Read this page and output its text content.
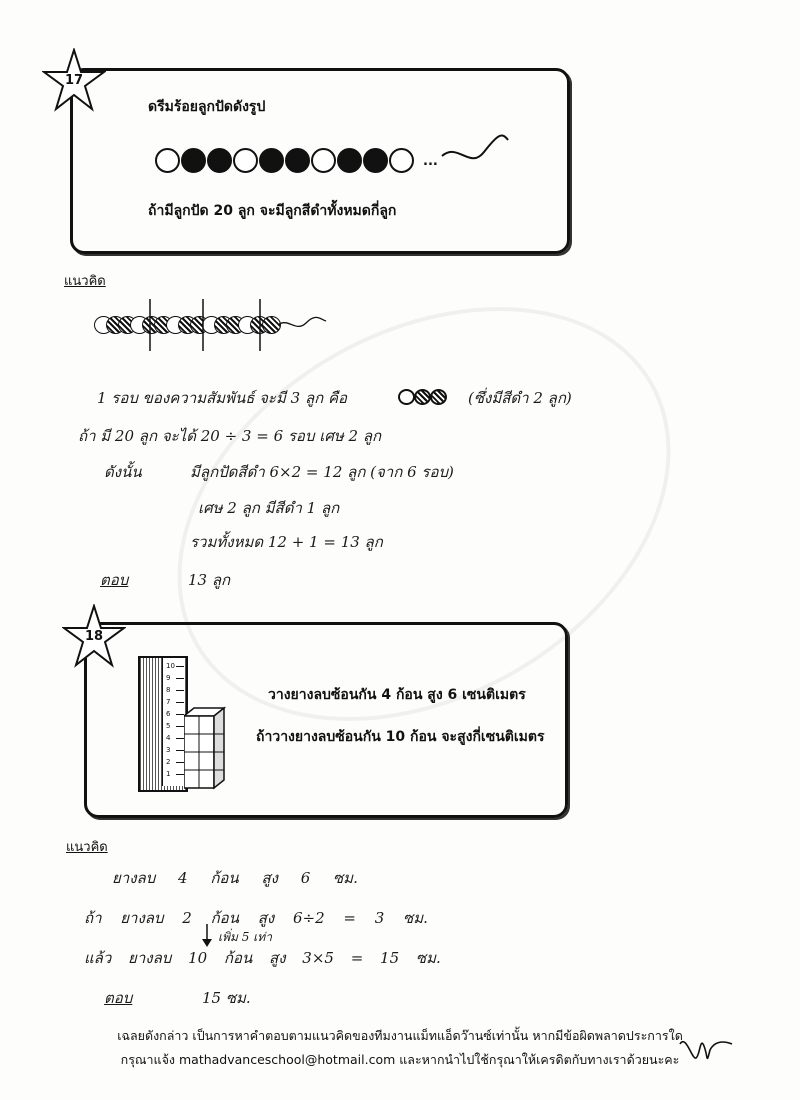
17
ดรีมร้อยลูกปัดดังรูป
...
ถ้ามีลูกปัด 20 ลูก จะมีลูกสีดำทั้งหมดกี่ลูก
แนวคิด
1 รอบ ของความสัมพันธ์ จะมี 3 ลูก คือ	(ซึ่งมีสีดำ 2 ลูก)
ถ้า มี 20 ลูก จะได้ 20 ÷ 3 = 6 รอบ เศษ 2 ลูก
ดังนั้น	มีลูกปัดสีดำ 6×2 = 12 ลูก (จาก 6 รอบ)
เศษ 2 ลูก มีสีดำ 1 ลูก
รวมทั้งหมด 12 + 1 = 13 ลูก
ตอบ	13 ลูก
18
10
9
8
7
6
5
4
3
2
1
วางยางลบซ้อนกัน 4 ก้อน สูง 6 เซนติเมตร
ถ้าวางยางลบซ้อนกัน 10 ก้อน จะสูงกี่เซนติเมตร
แนวคิด
ยางลบ 4 ก้อน สูง 6 ซม.
ถ้า ยางลบ 2 ก้อน สูง 6÷2 = 3 ซม.
เพิ่ม 5 เท่า
แล้ว ยางลบ 10 ก้อน สูง 3×5 = 15 ซม.
ตอบ	15 ซม.
เฉลยดังกล่าว เป็นการหาคำตอบตามแนวคิดของทีมงานแม็ทแอ็ดว๊านซ์เท่านั้น หากมีข้อผิดพลาดประการใด
กรุณาแจ้ง mathadvanceschool@hotmail.com และหากนำไปใช้กรุณาให้เครดิตกับทางเราด้วยนะคะ
